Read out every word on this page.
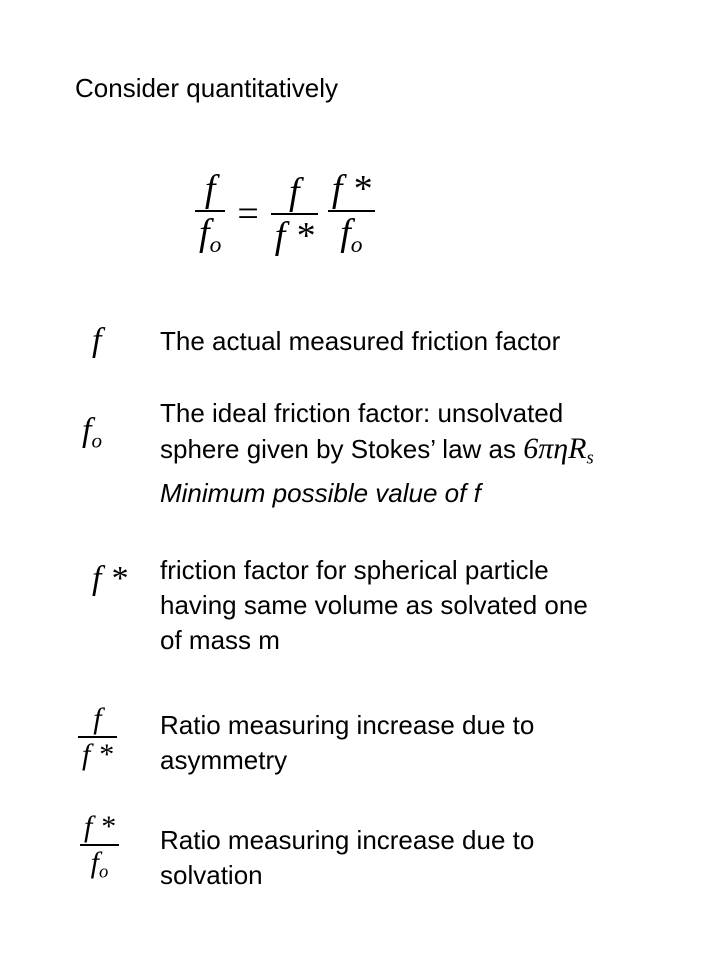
Consider quantitatively
$\frac{f}{f_o} = \frac{f}{f *} \frac{f *}{f_o}$
f The actual measured friction factor
$f_o$
The ideal friction factor: unsolvated
sphere given by Stokes’ law as 6πηR$_s$
Minimum possible value of f
f * friction factor for spherical particle
having same volume as solvated one
of mass m
$\frac{f}{f *}$ Ratio measuring increase due to
asymmetry
$\frac{f *}{f_o}$ Ratio measuring increase due to
solvation
